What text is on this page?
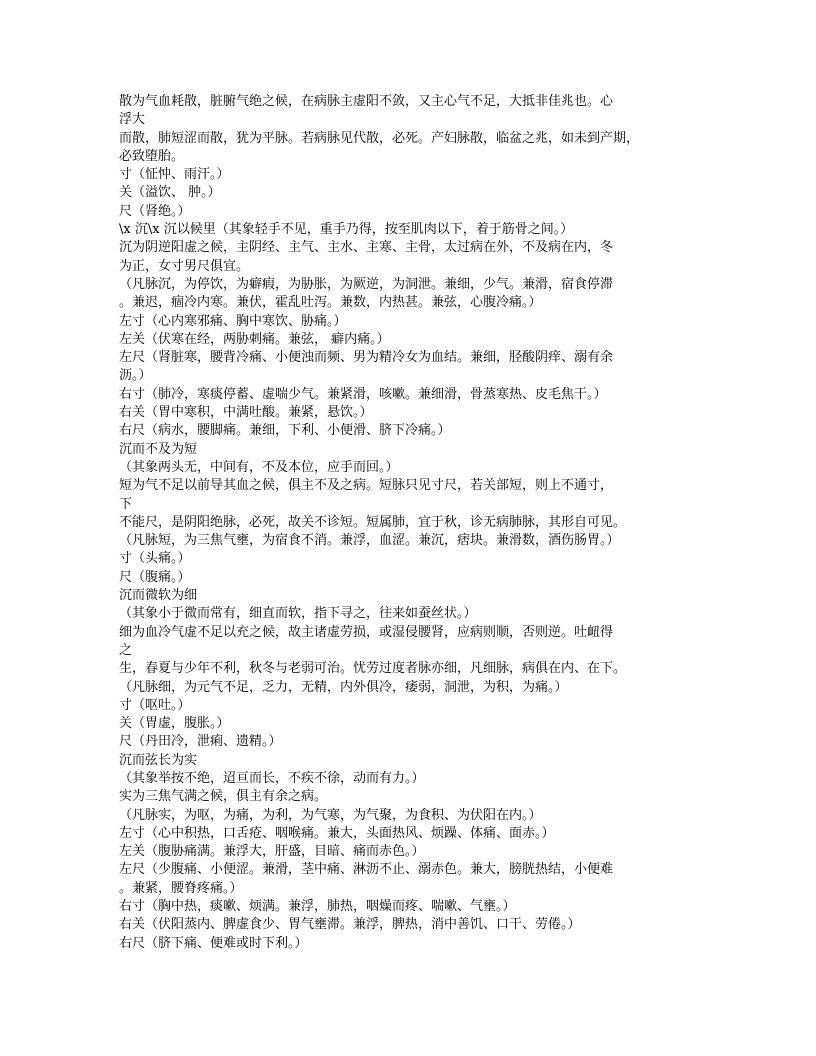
散为气血耗散，脏腑气绝之候，在病脉主虚阳不敛，又主心气不足，大抵非佳兆也。心
浮大
而散，肺短涩而散，犹为平脉。若病脉见代散，必死。产妇脉散，临盆之兆，如未到产期，
必致堕胎。
寸（怔忡、雨汗。）
关（溢饮、 肿。）
尺（肾绝。）
\x 沉\x 沉以候里（其象轻手不见，重手乃得，按至肌肉以下，着于筋骨之间。）
沉为阴逆阳虚之候，主阴经、主气、主水、主寒、主骨，太过病在外，不及病在内，冬
为正，女寸男尺俱宜。
（凡脉沉，为停饮，为癖瘕，为胁胀，为厥逆，为洞泄。兼细，少气。兼滑，宿食停滞
。兼迟，痼冷内寒。兼伏，霍乱吐泻。兼数，内热甚。兼弦，心腹冷痛。）
左寸（心内寒邪痛、胸中寒饮、胁痛。）
左关（伏寒在经，两胁刺痛。兼弦， 癖内痛。）
左尺（肾脏寒，腰背冷痛、小便浊而频、男为精冷女为血结。兼细，胫酸阴痒、溺有余
沥。）
右寸（肺冷，寒痰停蓄、虚喘少气。兼紧滑，咳嗽。兼细滑，骨蒸寒热、皮毛焦干。）
右关（胃中寒积，中满吐酸。兼紧，悬饮。）
右尺（病水，腰脚痛。兼细，下利、小便滑、脐下冷痛。）
沉而不及为短
（其象两头无，中间有，不及本位，应手而回。）
短为气不足以前导其血之候，俱主不及之病。短脉只见寸尺，若关部短，则上不通寸，
下
不能尺，是阴阳绝脉，必死，故关不诊短。短属肺，宜于秋，诊无病肺脉，其形自可见。
（凡脉短，为三焦气壅，为宿食不消。兼浮，血涩。兼沉，痞块。兼滑数，酒伤肠胃。）
寸（头痛。）
尺（腹痛。）
沉而微软为细
（其象小于微而常有，细直而软，指下寻之，往来如蚕丝状。）
细为血冷气虚不足以充之候，故主诸虚劳损，或湿侵腰肾，应病则顺，否则逆。吐衄得
之
生，春夏与少年不利，秋冬与老弱可治。忧劳过度者脉亦细，凡细脉，病俱在内、在下。
（凡脉细，为元气不足，乏力，无精，内外俱冷，痿弱，洞泄，为积，为痛。）
寸（呕吐。）
关（胃虚，腹胀。）
尺（丹田冷，泄痢、遗精。）
沉而弦长为实
（其象举按不绝，迢亘而长，不疾不徐，动而有力。）
实为三焦气满之候，俱主有余之病。
（凡脉实，为呕，为痛，为利，为气寒，为气聚，为食积、为伏阳在内。）
左寸（心中积热，口舌疮、咽喉痛。兼大，头面热风、烦躁、体痛、面赤。）
左关（腹胁痛满。兼浮大，肝盛，目暗、痛而赤色。）
左尺（少腹痛、小便涩。兼滑，茎中痛、淋沥不止、溺赤色。兼大，膀胱热结，小便难
。兼紧，腰脊疼痛。）
右寸（胸中热，痰嗽、烦满。兼浮，肺热，咽燥而疼、喘嗽、气壅。）
右关（伏阳蒸内、脾虚食少、胃气壅滞。兼浮，脾热，消中善饥、口干、劳倦。）
右尺（脐下痛、便难或时下利。）
